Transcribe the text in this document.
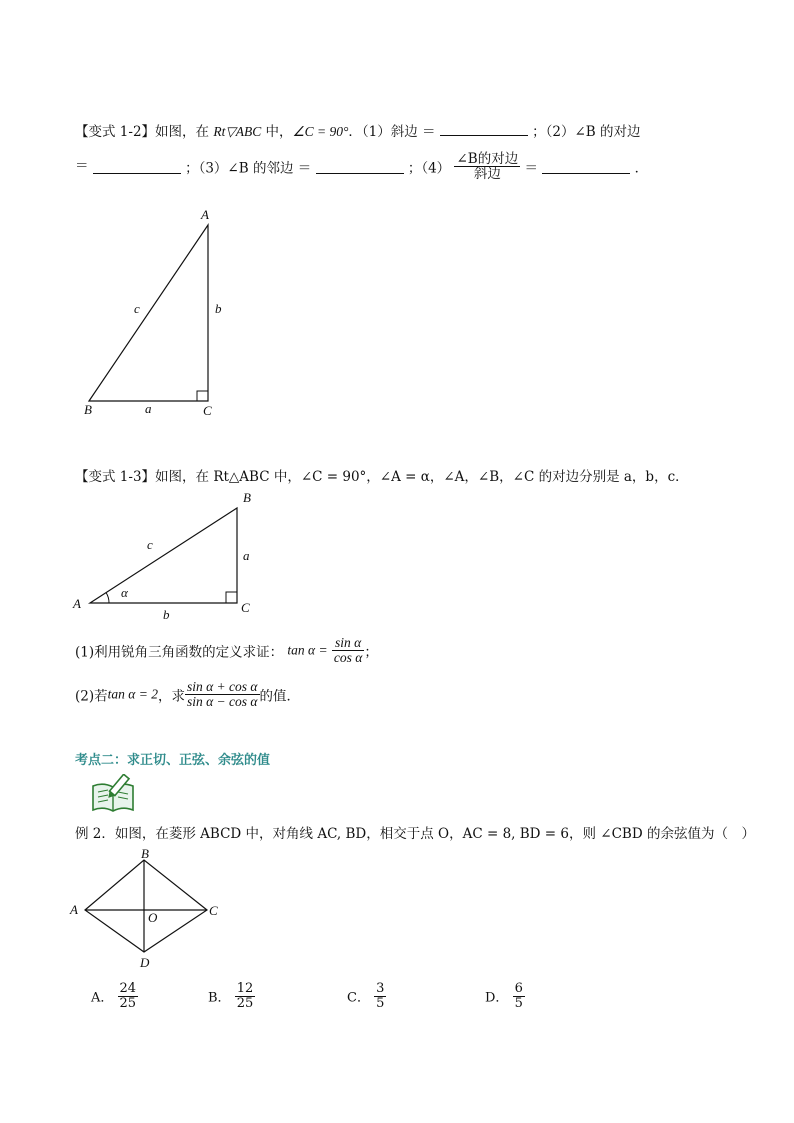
【变式 1-2】如图，在 Rt▽ABC 中，∠C = 90°．（1）斜边 ＝	；（2）∠B 的对边
＝	；（3）∠B 的邻边 ＝	；$(4) \frac{\text{∠B的对边}}{\text{斜边}}$ ＝	．
A
B	C
a
b
c
【变式 1-3】如图，在 Rt△ABC 中，∠C = 90°，∠A = α，∠A，∠B，∠C 的对边分别是 a，b，c．
A
B
C
a
b
c
α
(1)利用锐角三角函数的定义求证： $\tan \alpha = \frac{\text{sin α}}{\text{cos α}}$ ；
(2)若tan α = 2，求 $\frac{\text{sin α + cos α}}{\text{sin α − cos α}}$ 的值．
考点二：求正切、正弦、余弦的值
例 2．如图，在菱形 ABCD 中，对角线 AC, BD，相交于点 O，AC = 8, BD = 6，则 ∠CBD 的余弦值为（　）
A
B
C
D
O
A． $\frac{24}{25}$	B． $\frac{12}{25}$	C． $\frac{3}{5}$	D． $\frac{6}{5}$
